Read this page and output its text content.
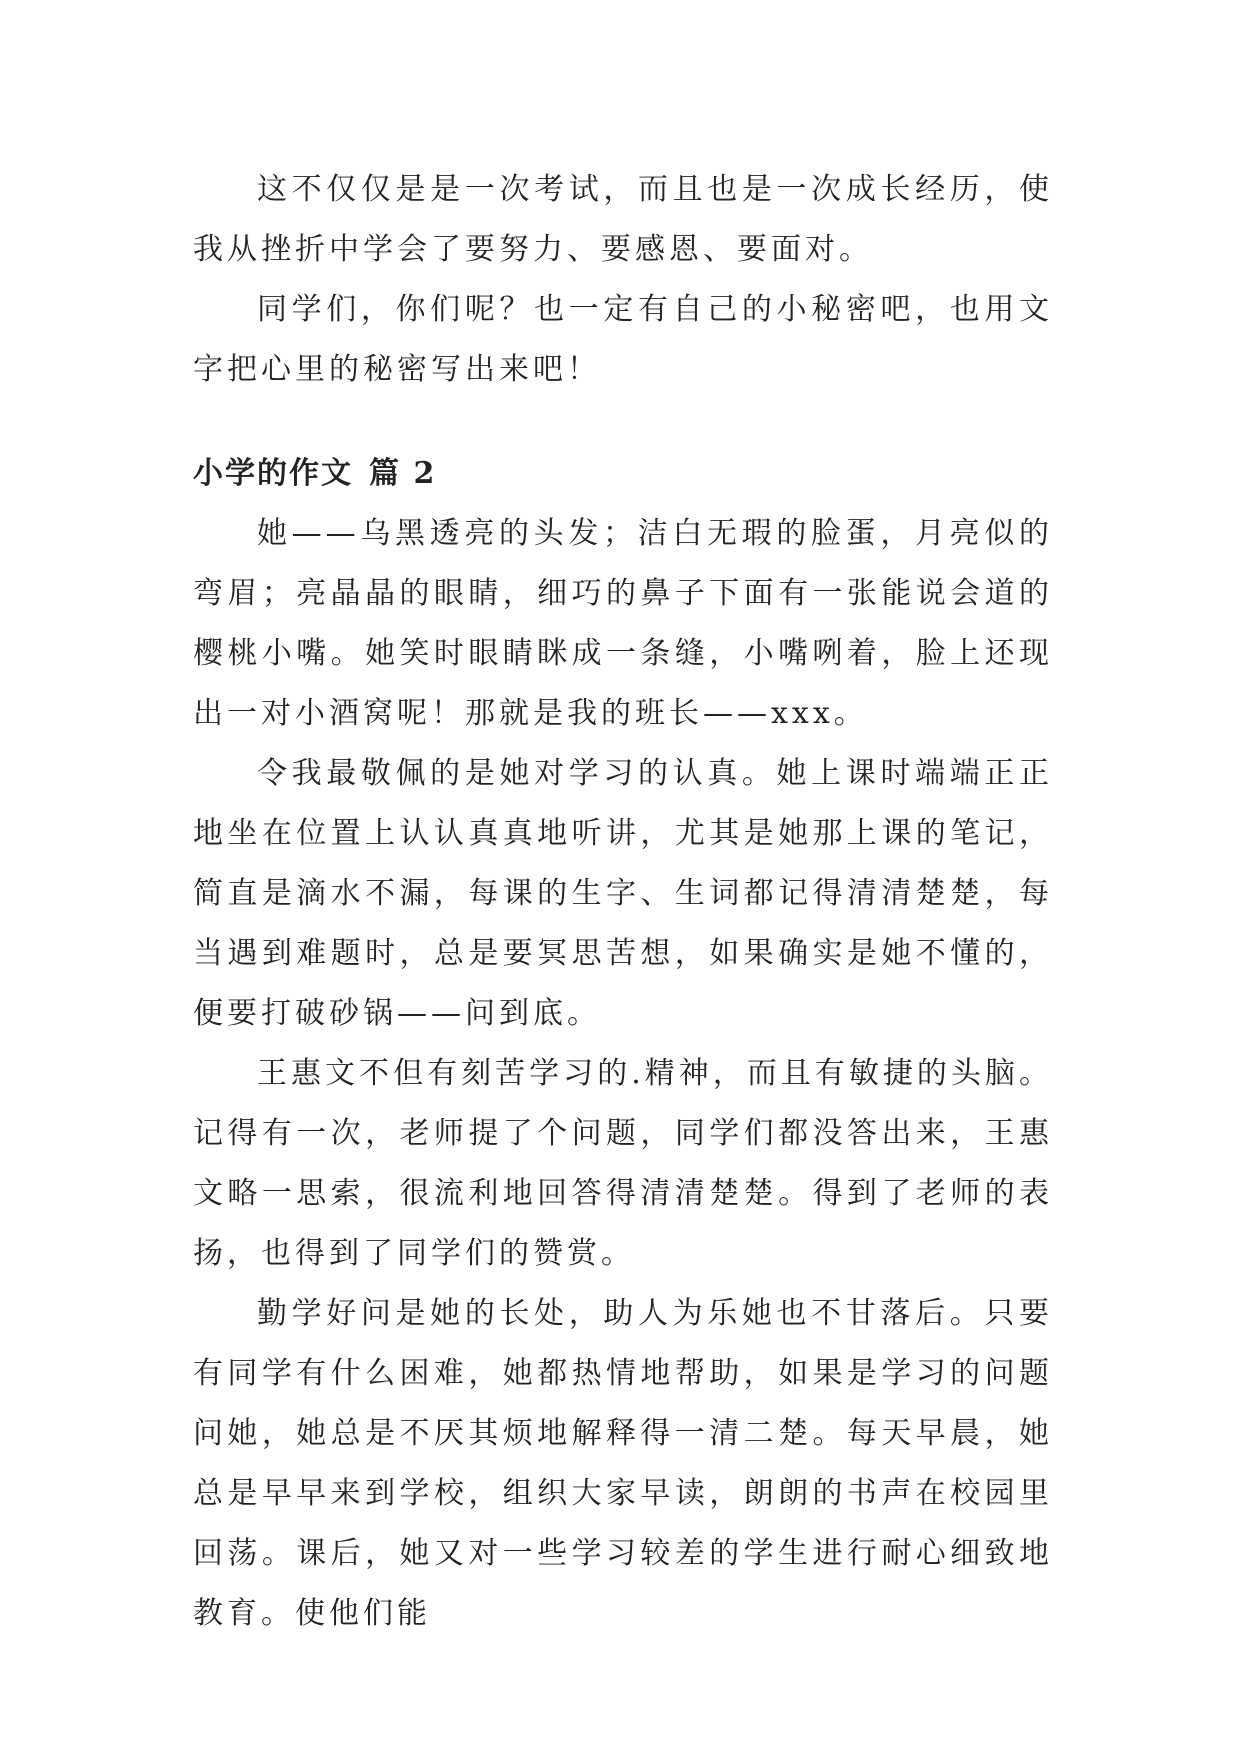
这不仅仅是是一次考试，而且也是一次成长经历，使我从挫折中学会了要努力、要感恩、要面对。

同学们，你们呢？也一定有自己的小秘密吧，也用文字把心里的秘密写出来吧！

小学的作文 篇 2

她——乌黑透亮的头发；洁白无瑕的脸蛋，月亮似的弯眉；亮晶晶的眼睛，细巧的鼻子下面有一张能说会道的樱桃小嘴。她笑时眼睛眯成一条缝，小嘴咧着，脸上还现出一对小酒窝呢！那就是我的班长——xxx。

令我最敬佩的是她对学习的认真。她上课时端端正正地坐在位置上认认真真地听讲，尤其是她那上课的笔记，简直是滴水不漏，每课的生字、生词都记得清清楚楚，每当遇到难题时，总是要冥思苦想，如果确实是她不懂的，便要打破砂锅——问到底。

王惠文不但有刻苦学习的.精神，而且有敏捷的头脑。记得有一次，老师提了个问题，同学们都没答出来，王惠文略一思索，很流利地回答得清清楚楚。得到了老师的表扬，也得到了同学们的赞赏。

勤学好问是她的长处，助人为乐她也不甘落后。只要有同学有什么困难，她都热情地帮助，如果是学习的问题问她，她总是不厌其烦地解释得一清二楚。每天早晨，她总是早早来到学校，组织大家早读，朗朗的书声在校园里回荡。课后，她又对一些学习较差的学生进行耐心细致地教育。使他们能
